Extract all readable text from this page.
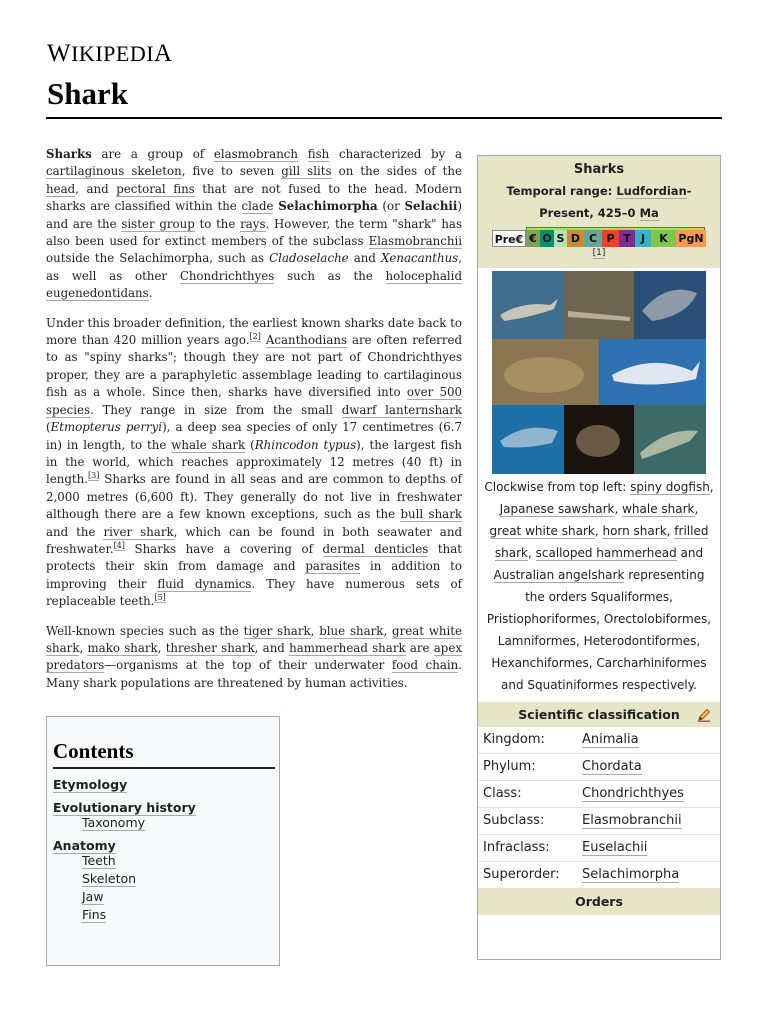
WIKIPEDIA
Shark

Sharks are a group of elasmobranch fish characterized by a cartilaginous skeleton, five to seven gill slits on the sides of the head, and pectoral fins that are not fused to the head. Modern sharks are classified within the clade Selachimorpha (or Selachii) and are the sister group to the rays. However, the term "shark" has also been used for extinct members of the subclass Elasmobranchii outside the Selachimorpha, such as Cladoselache and Xenacanthus, as well as other Chondrichthyes such as the holocephalid eugenedontidans.

Under this broader definition, the earliest known sharks date back to more than 420 million years ago.[2] Acanthodians are often referred to as "spiny sharks"; though they are not part of Chondrichthyes proper, they are a paraphyletic assemblage leading to cartilaginous fish as a whole. Since then, sharks have diversified into over 500 species. They range in size from the small dwarf lanternshark (Etmopterus perryi), a deep sea species of only 17 centimetres (6.7 in) in length, to the whale shark (Rhincodon typus), the largest fish in the world, which reaches approximately 12 metres (40 ft) in length.[3] Sharks are found in all seas and are common to depths of 2,000 metres (6,600 ft). They generally do not live in freshwater although there are a few known exceptions, such as the bull shark and the river shark, which can be found in both seawater and freshwater.[4] Sharks have a covering of dermal denticles that protects their skin from damage and parasites in addition to improving their fluid dynamics. They have numerous sets of replaceable teeth.[5]

Well-known species such as the tiger shark, blue shark, great white shark, mako shark, thresher shark, and hammerhead shark are apex predators—organisms at the top of their underwater food chain. Many shark populations are threatened by human activities.

Contents
Etymology
Evolutionary history
Taxonomy
Anatomy
Teeth
Skeleton
Jaw
Fins
Sharks
Temporal range: Ludfordian-Present, 425–0 Ma
Pre€ € O S D C P T J	K PgN
[1]
Clockwise from top left: spiny dogfish, Japanese sawshark, whale shark, great white shark, horn shark, frilled shark, scalloped hammerhead and Australian angelshark representing the orders Squaliformes, Pristiophoriformes, Orectolobiformes, Lamniformes, Heterodontiformes, Hexanchiformes, Carcharhiniformes and Squatiniformes respectively.
Scientific classification
Kingdom:	Animalia
Phylum:	Chordata
Class:	Chondrichthyes
Subclass:	Elasmobranchii
Infraclass:	Euselachii
Superorder:	Selachimorpha
Orders
